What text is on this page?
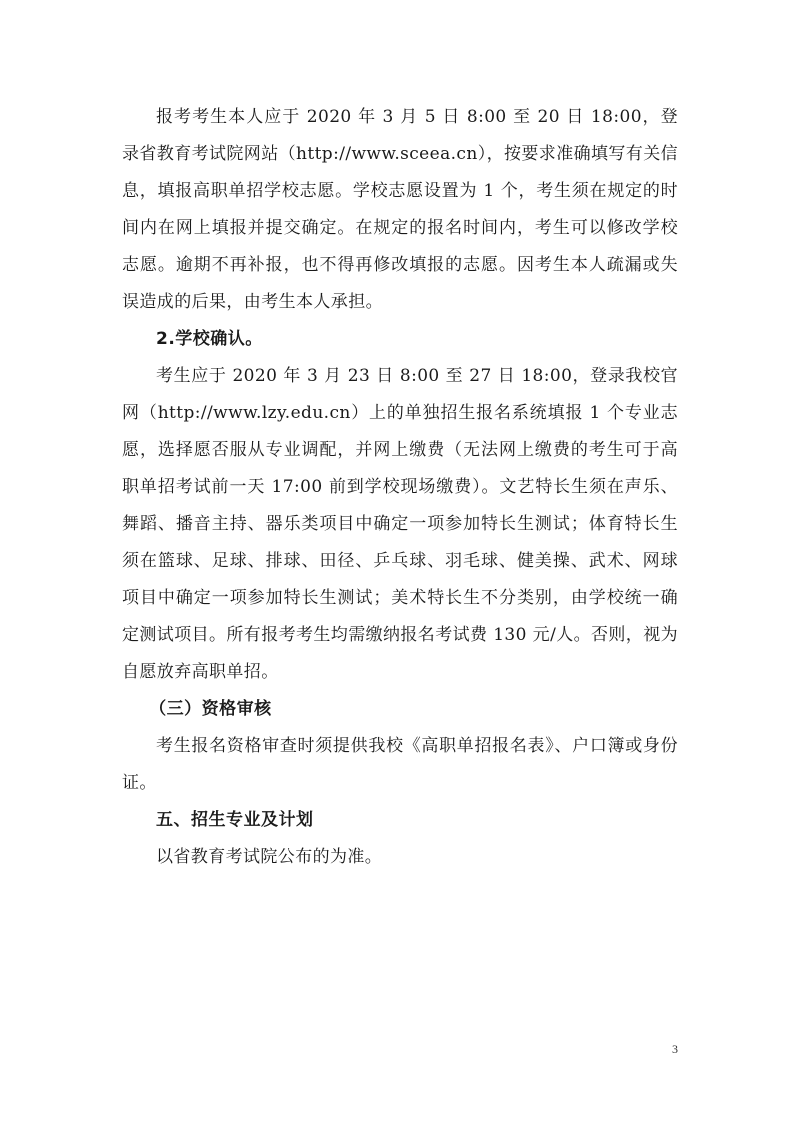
报考考生本人应于 2020 年 3 月 5 日 8:00 至 20 日 18:00，登录省教育考试院网站（http://www.sceea.cn），按要求准确填写有关信息，填报高职单招学校志愿。学校志愿设置为 1 个，考生须在规定的时间内在网上填报并提交确定。在规定的报名时间内，考生可以修改学校志愿。逾期不再补报，也不得再修改填报的志愿。因考生本人疏漏或失误造成的后果，由考生本人承担。

2.学校确认。

考生应于 2020 年 3 月 23 日 8:00 至 27 日 18:00，登录我校官网（http://www.lzy.edu.cn）上的单独招生报名系统填报 1 个专业志愿，选择愿否服从专业调配，并网上缴费（无法网上缴费的考生可于高职单招考试前一天 17:00 前到学校现场缴费）。文艺特长生须在声乐、舞蹈、播音主持、器乐类项目中确定一项参加特长生测试；体育特长生须在篮球、足球、排球、田径、乒乓球、羽毛球、健美操、武术、网球项目中确定一项参加特长生测试；美术特长生不分类别，由学校统一确定测试项目。所有报考考生均需缴纳报名考试费 130 元/人。否则，视为自愿放弃高职单招。

（三）资格审核

考生报名资格审查时须提供我校《高职单招报名表》、户口簿或身份证。

五、招生专业及计划

以省教育考试院公布的为准。

3
